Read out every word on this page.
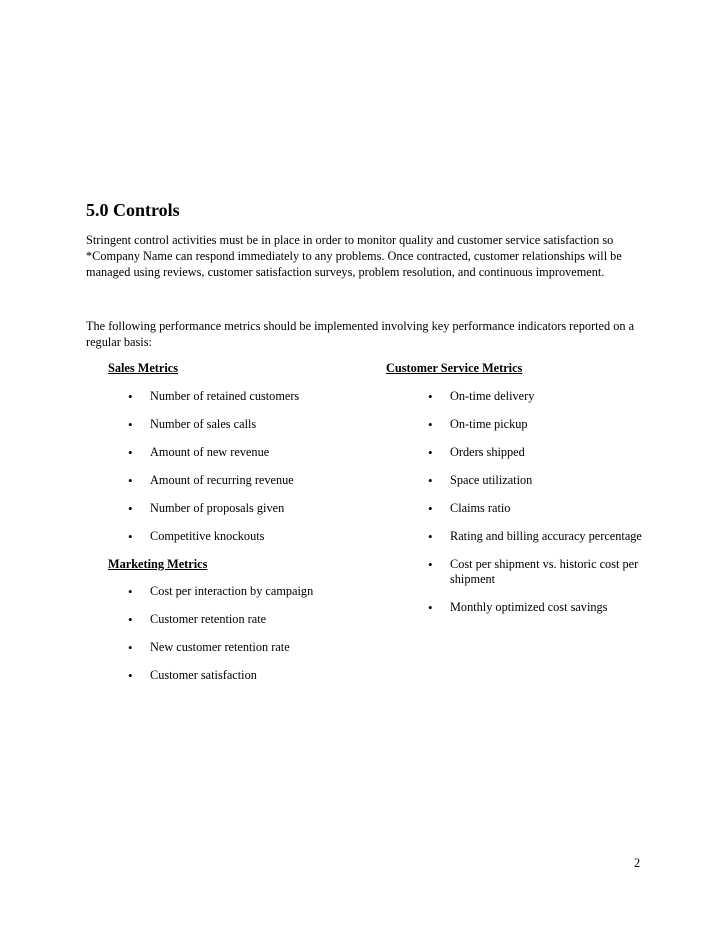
5.0 Controls

Stringent control activities must be in place in order to monitor quality and customer service satisfaction so *Company Name can respond immediately to any problems. Once contracted, customer relationships will be managed using reviews, customer satisfaction surveys, problem resolution, and continuous improvement.

The following performance metrics should be implemented involving key performance indicators reported on a regular basis:

Sales Metrics

•	Number of retained customers
•	Number of sales calls
•	Amount of new revenue
•	Amount of recurring revenue
•	Number of proposals given
•	Competitive knockouts

Marketing Metrics

•	Cost per interaction by campaign
•	Customer retention rate
•	New customer retention rate
•	Customer satisfaction

Customer Service Metrics

•	On-time delivery
•	On-time pickup
•	Orders shipped
•	Space utilization
•	Claims ratio
•	Rating and billing accuracy percentage
•	Cost per shipment vs. historic cost per shipment
•	Monthly optimized cost savings

2
